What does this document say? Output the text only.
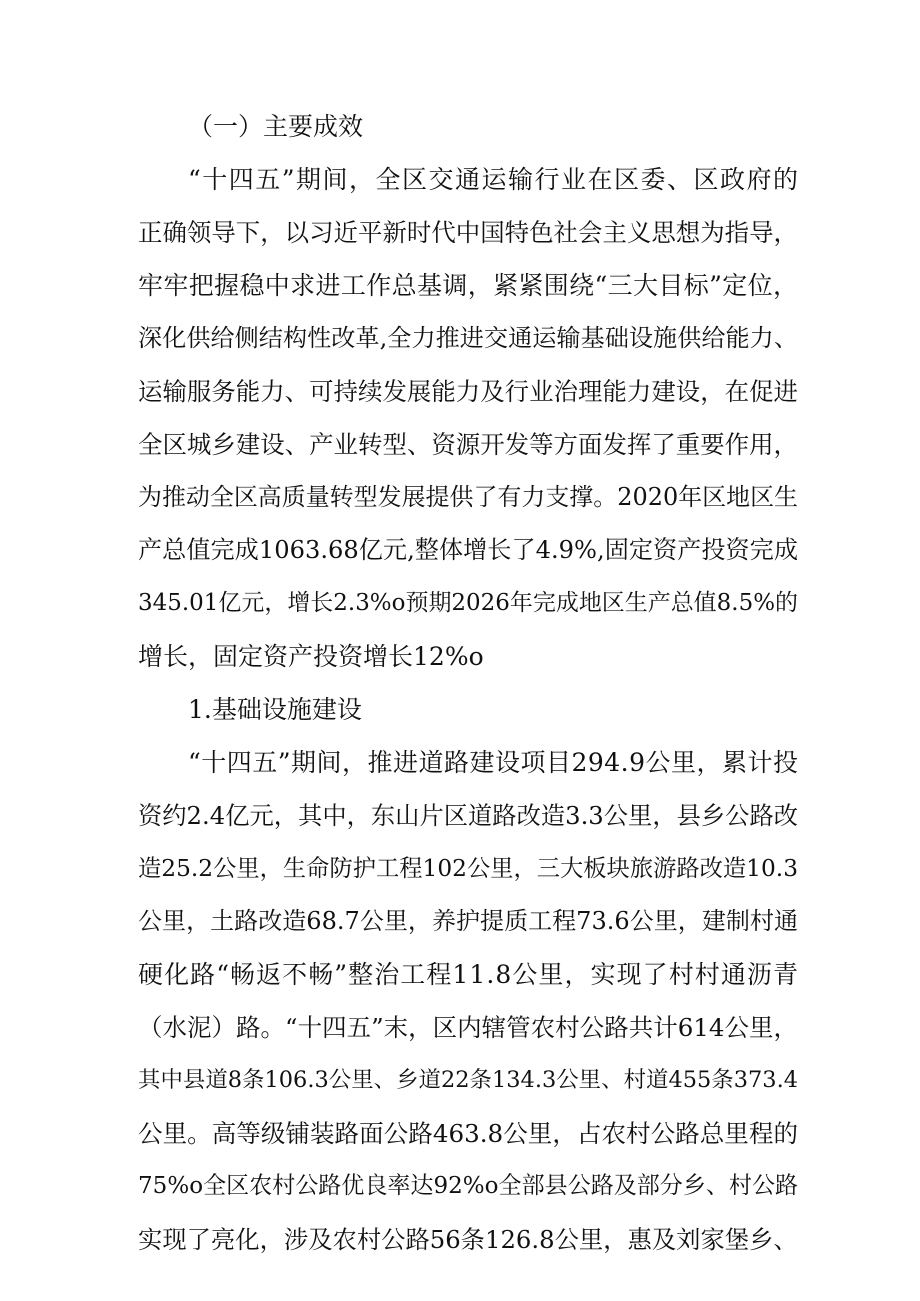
（一）主要成效
“十四五”期间，全区交通运输行业在区委、区政府的
正确领导下，以习近平新时代中国特色社会主义思想为指导，
牢牢把握稳中求进工作总基调，紧紧围绕“三大目标”定位，
深化供给侧结构性改革,全力推进交通运输基础设施供给能力、
运输服务能力、可持续发展能力及行业治理能力建设，在促进
全区城乡建设、产业转型、资源开发等方面发挥了重要作用，
为推动全区高质量转型发展提供了有力支撑。2020年区地区生
产总值完成1063.68亿元,整体增长了4.9%,固定资产投资完成
345.01亿元，增长2.3%o预期2026年完成地区生产总值8.5%的
增长，固定资产投资增长12%o
1.基础设施建设
“十四五”期间，推进道路建设项目294.9公里，累计投
资约2.4亿元，其中，东山片区道路改造3.3公里，县乡公路改
造25.2公里，生命防护工程102公里，三大板块旅游路改造10.3
公里，土路改造68.7公里，养护提质工程73.6公里，建制村通
硬化路“畅返不畅”整治工程11.8公里，实现了村村通沥青
（水泥）路。“十四五”末，区内辖管农村公路共计614公里，
其中县道8条106.3公里、乡道22条134.3公里、村道455条373.4
公里。高等级铺装路面公路463.8公里，占农村公路总里程的
75%o全区农村公路优良率达92%o全部县公路及部分乡、村公路
实现了亮化，涉及农村公路56条126.8公里，惠及刘家堡乡、
